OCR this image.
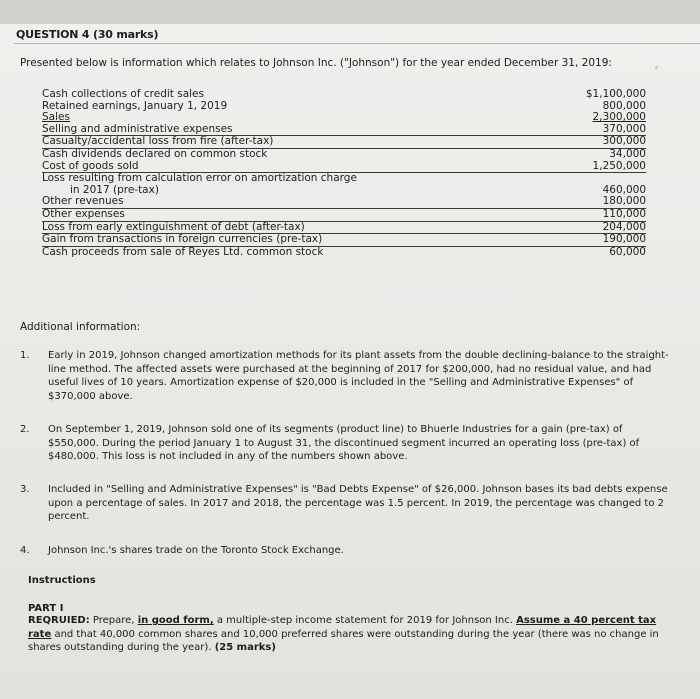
QUESTION 4 (30 marks)
Presented below is information which relates to Johnson Inc. ("Johnson") for the year ended December 31, 2019:
Cash collections of credit sales	$1,100,000
Retained earnings, January 1, 2019	800,000
Sales	2,300,000
Selling and administrative expenses	370,000
Casualty/accidental loss from fire (after-tax)	300,000
Cash dividends declared on common stock	34,000
Cost of goods sold	1,250,000
Loss resulting from calculation error on amortization charge	
in 2017 (pre-tax)	460,000
Other revenues	180,000
Other expenses	110,000
Loss from early extinguishment of debt (after-tax)	204,000
Gain from transactions in foreign currencies (pre-tax)	190,000
Cash proceeds from sale of Reyes Ltd. common stock	60,000
Additional information:
1.	Early in 2019, Johnson changed amortization methods for its plant assets from the double declining-balance to the straight-line method. The affected assets were purchased at the beginning of 2017 for $200,000, had no residual value, and had useful lives of 10 years. Amortization expense of $20,000 is included in the "Selling and Administrative Expenses" of $370,000 above.
2.	On September 1, 2019, Johnson sold one of its segments (product line) to Bhuerle Industries for a gain (pre-tax) of $550,000. During the period January 1 to August 31, the discontinued segment incurred an operating loss (pre-tax) of $480,000. This loss is not included in any of the numbers shown above.
3.	Included in "Selling and Administrative Expenses" is "Bad Debts Expense" of $26,000. Johnson bases its bad debts expense upon a percentage of sales. In 2017 and 2018, the percentage was 1.5 percent. In 2019, the percentage was changed to 2 percent.
4.	Johnson Inc.'s shares trade on the Toronto Stock Exchange.
Instructions
PART I
REQRUIED: Prepare, in good form, a multiple-step income statement for 2019 for Johnson Inc. Assume a 40 percent tax rate and that 40,000 common shares and 10,000 preferred shares were outstanding during the year (there was no change in shares outstanding during the year). (25 marks)
